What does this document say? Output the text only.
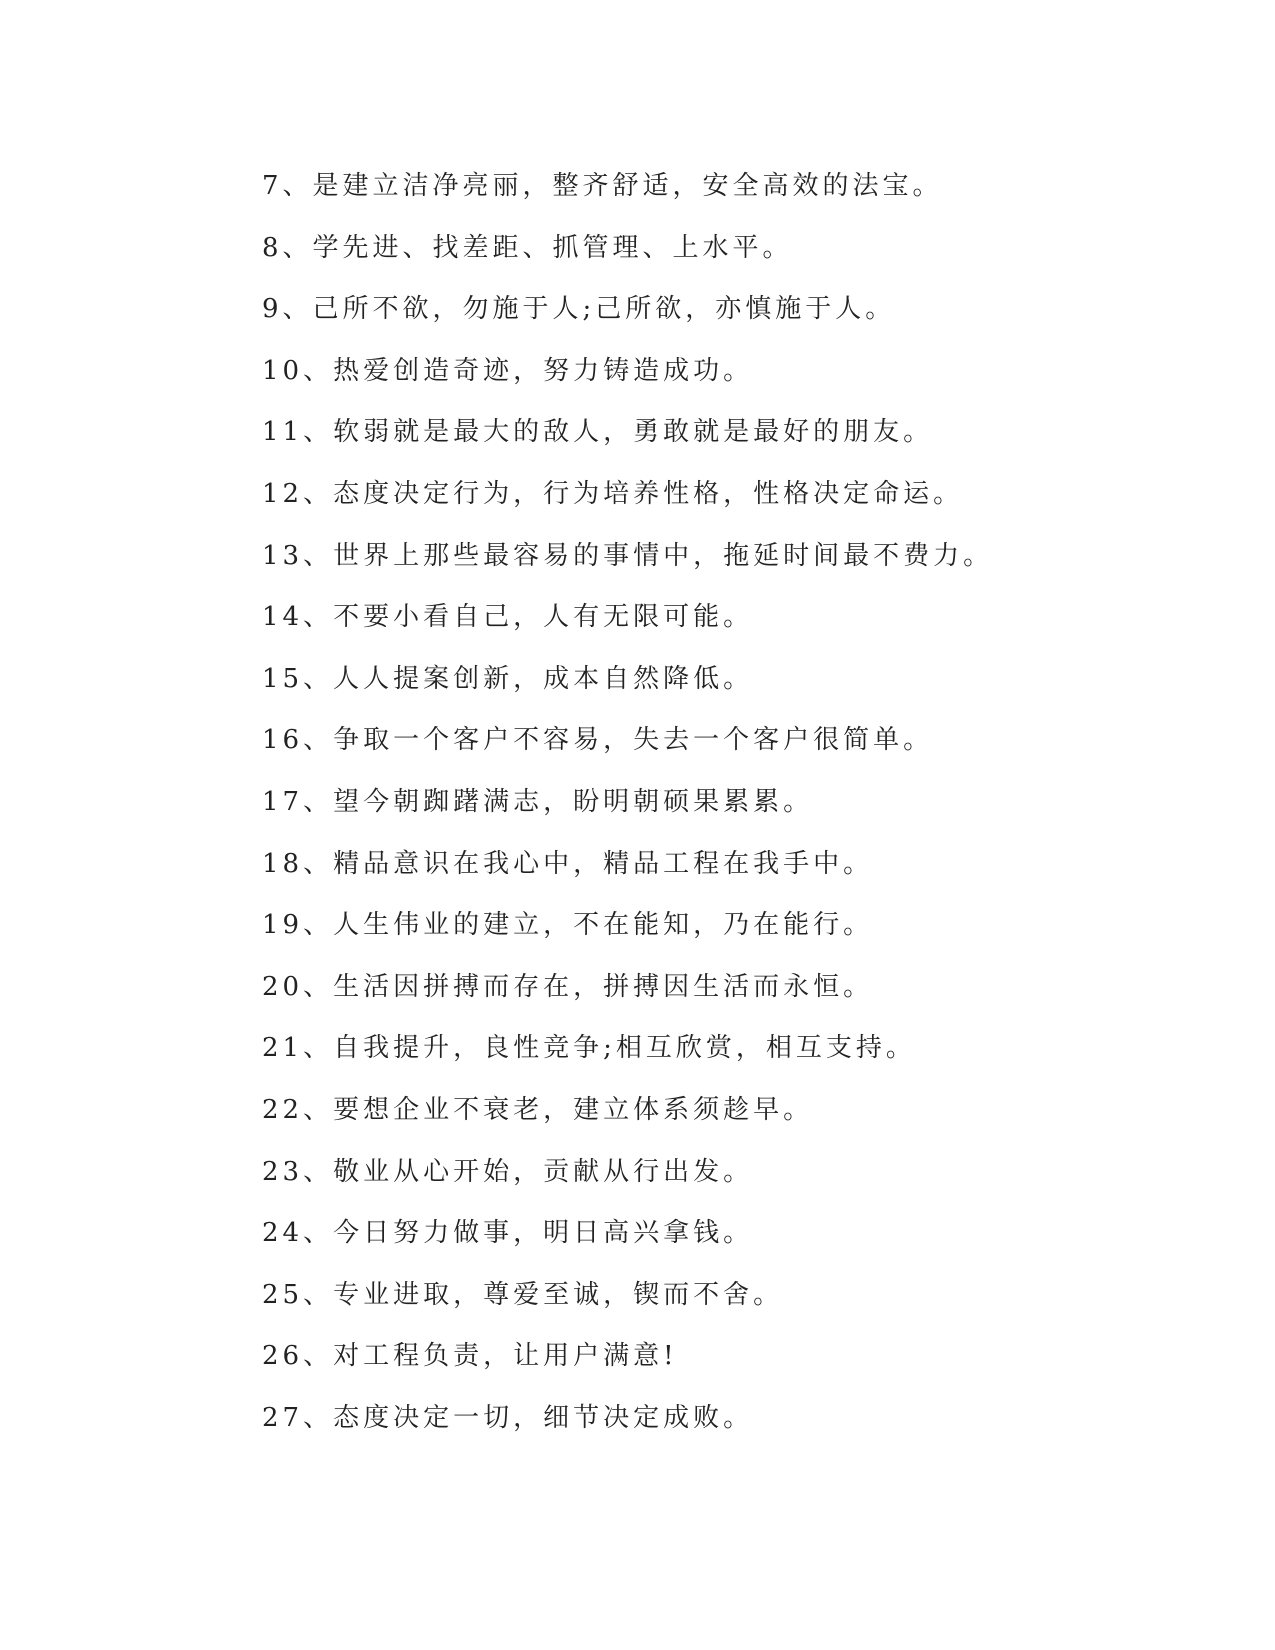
7、是建立洁净亮丽，整齐舒适，安全高效的法宝。
8、学先进、找差距、抓管理、上水平。
9、己所不欲，勿施于人;己所欲，亦慎施于人。
10、热爱创造奇迹，努力铸造成功。
11、软弱就是最大的敌人，勇敢就是最好的朋友。
12、态度决定行为，行为培养性格，性格决定命运。
13、世界上那些最容易的事情中，拖延时间最不费力。
14、不要小看自己，人有无限可能。
15、人人提案创新，成本自然降低。
16、争取一个客户不容易，失去一个客户很简单。
17、望今朝踟躇满志，盼明朝硕果累累。
18、精品意识在我心中，精品工程在我手中。
19、人生伟业的建立，不在能知，乃在能行。
20、生活因拼搏而存在，拼搏因生活而永恒。
21、自我提升，良性竞争;相互欣赏，相互支持。
22、要想企业不衰老，建立体系须趁早。
23、敬业从心开始，贡献从行出发。
24、今日努力做事，明日高兴拿钱。
25、专业进取，尊爱至诚，锲而不舍。
26、对工程负责，让用户满意!
27、态度决定一切，细节决定成败。
